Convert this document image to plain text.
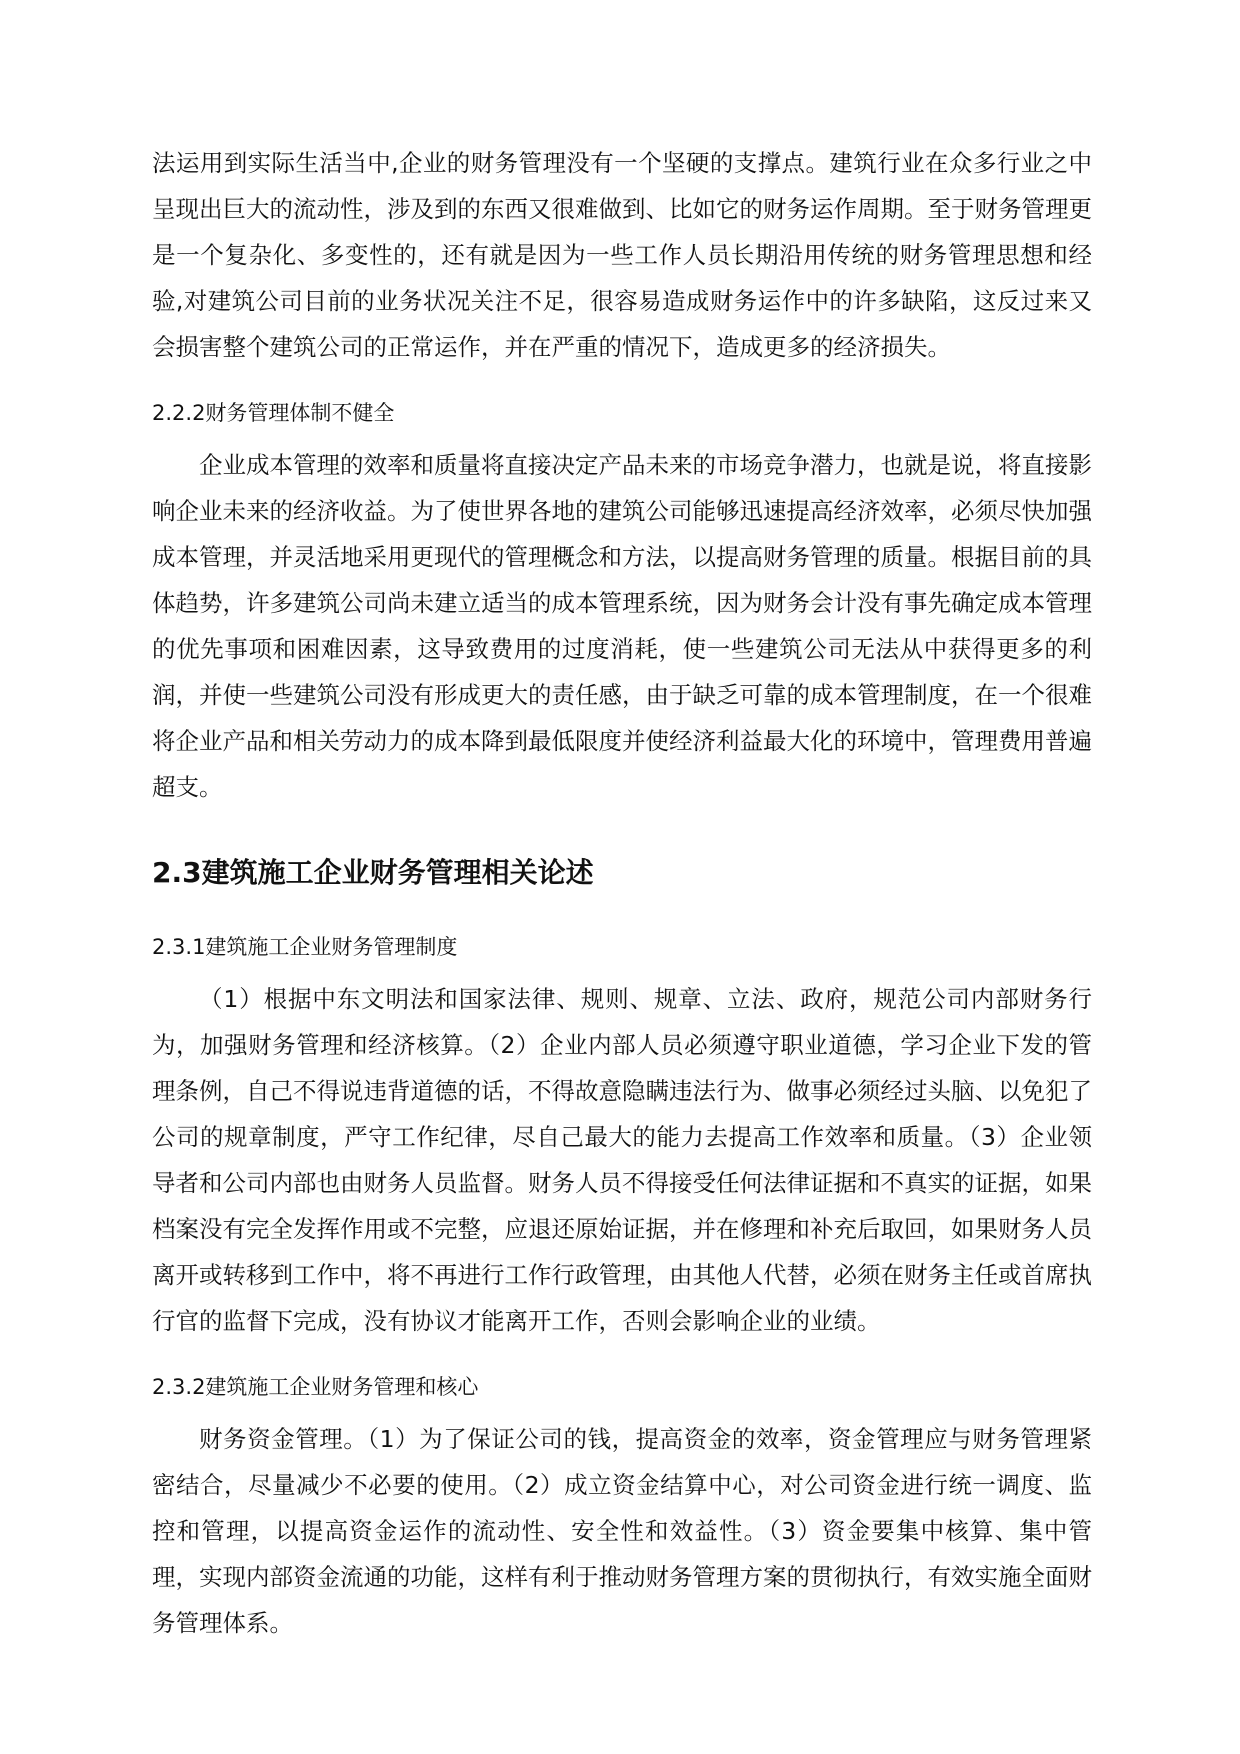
法运用到实际生活当中,企业的财务管理没有一个坚硬的支撑点。建筑行业在众多行业之中呈现出巨大的流动性，涉及到的东西又很难做到、比如它的财务运作周期。至于财务管理更是一个复杂化、多变性的，还有就是因为一些工作人员长期沿用传统的财务管理思想和经验,对建筑公司目前的业务状况关注不足，很容易造成财务运作中的许多缺陷，这反过来又会损害整个建筑公司的正常运作，并在严重的情况下，造成更多的经济损失。

2.2.2财务管理体制不健全

企业成本管理的效率和质量将直接决定产品未来的市场竞争潜力，也就是说，将直接影响企业未来的经济收益。为了使世界各地的建筑公司能够迅速提高经济效率，必须尽快加强成本管理，并灵活地采用更现代的管理概念和方法，以提高财务管理的质量。根据目前的具体趋势，许多建筑公司尚未建立适当的成本管理系统，因为财务会计没有事先确定成本管理的优先事项和困难因素，这导致费用的过度消耗，使一些建筑公司无法从中获得更多的利润，并使一些建筑公司没有形成更大的责任感，由于缺乏可靠的成本管理制度，在一个很难将企业产品和相关劳动力的成本降到最低限度并使经济利益最大化的环境中，管理费用普遍超支。

2.3建筑施工企业财务管理相关论述
2.3.1建筑施工企业财务管理制度

（1）根据中东文明法和国家法律、规则、规章、立法、政府，规范公司内部财务行为，加强财务管理和经济核算。（2）企业内部人员必须遵守职业道德，学习企业下发的管理条例，自己不得说违背道德的话，不得故意隐瞒违法行为、做事必须经过头脑、以免犯了公司的规章制度，严守工作纪律，尽自己最大的能力去提高工作效率和质量。（3）企业领导者和公司内部也由财务人员监督。财务人员不得接受任何法律证据和不真实的证据，如果档案没有完全发挥作用或不完整，应退还原始证据，并在修理和补充后取回，如果财务人员离开或转移到工作中，将不再进行工作行政管理，由其他人代替，必须在财务主任或首席执行官的监督下完成，没有协议才能离开工作，否则会影响企业的业绩。

2.3.2建筑施工企业财务管理和核心

财务资金管理。（1）为了保证公司的钱，提高资金的效率，资金管理应与财务管理紧密结合，尽量减少不必要的使用。（2）成立资金结算中心，对公司资金进行统一调度、监控和管理，以提高资金运作的流动性、安全性和效益性。（3）资金要集中核算、集中管理，实现内部资金流通的功能，这样有利于推动财务管理方案的贯彻执行，有效实施全面财务管理体系。
